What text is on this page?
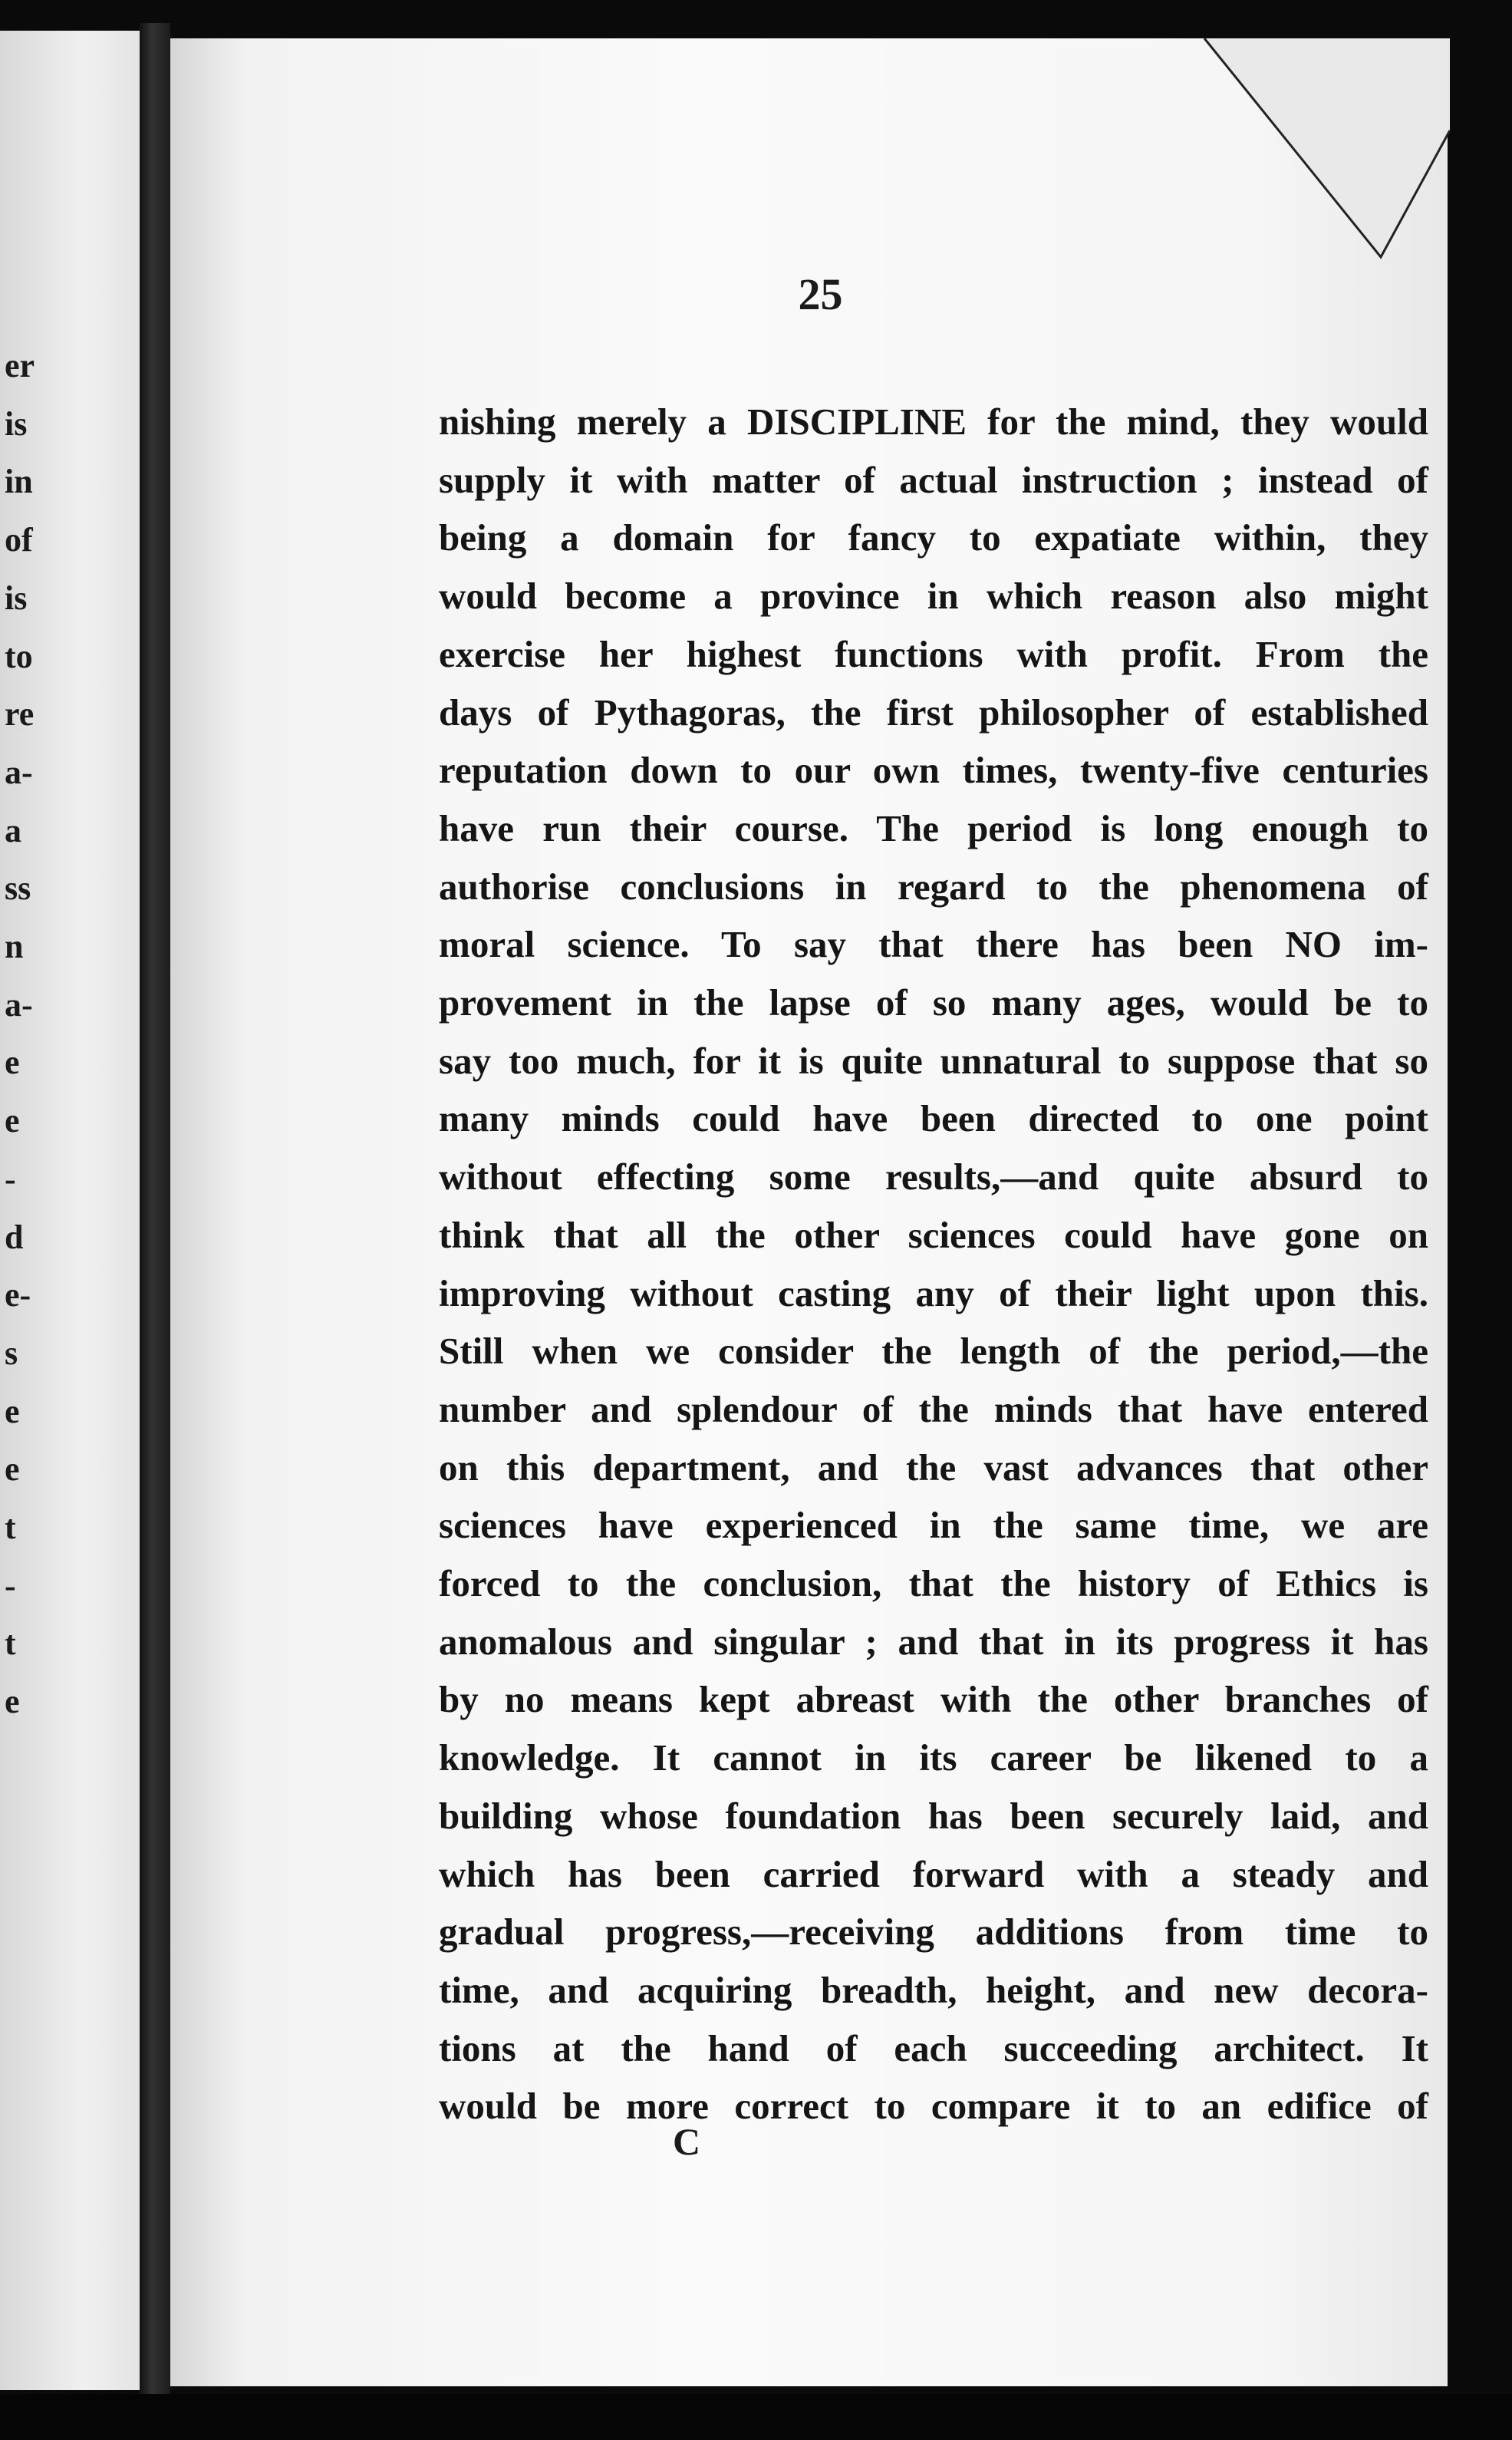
er
is
in
of
is
to
re
a-
a
ss
n
a-
e
e
-
d
e-
s
e
e
t
-
t
e
25
nishing merely a DISCIPLINE for the mind, they would
supply it with matter of actual instruction ; instead of
being a domain for fancy to expatiate within, they
would become a province in which reason also might
exercise her highest functions with profit. From the
days of Pythagoras, the first philosopher of established
reputation down to our own times, twenty-five centuries
have run their course. The period is long enough to
authorise conclusions in regard to the phenomena of
moral science. To say that there has been NO im-
provement in the lapse of so many ages, would be to
say too much, for it is quite unnatural to suppose that so
many minds could have been directed to one point
without effecting some results,—and quite absurd to
think that all the other sciences could have gone on
improving without casting any of their light upon this.
Still when we consider the length of the period,—the
number and splendour of the minds that have entered
on this department, and the vast advances that other
sciences have experienced in the same time, we are
forced to the conclusion, that the history of Ethics is
anomalous and singular ; and that in its progress it has
by no means kept abreast with the other branches of
knowledge. It cannot in its career be likened to a
building whose foundation has been securely laid, and
which has been carried forward with a steady and
gradual progress,—receiving additions from time to
time, and acquiring breadth, height, and new decora-
tions at the hand of each succeeding architect. It
would be more correct to compare it to an edifice of
C
